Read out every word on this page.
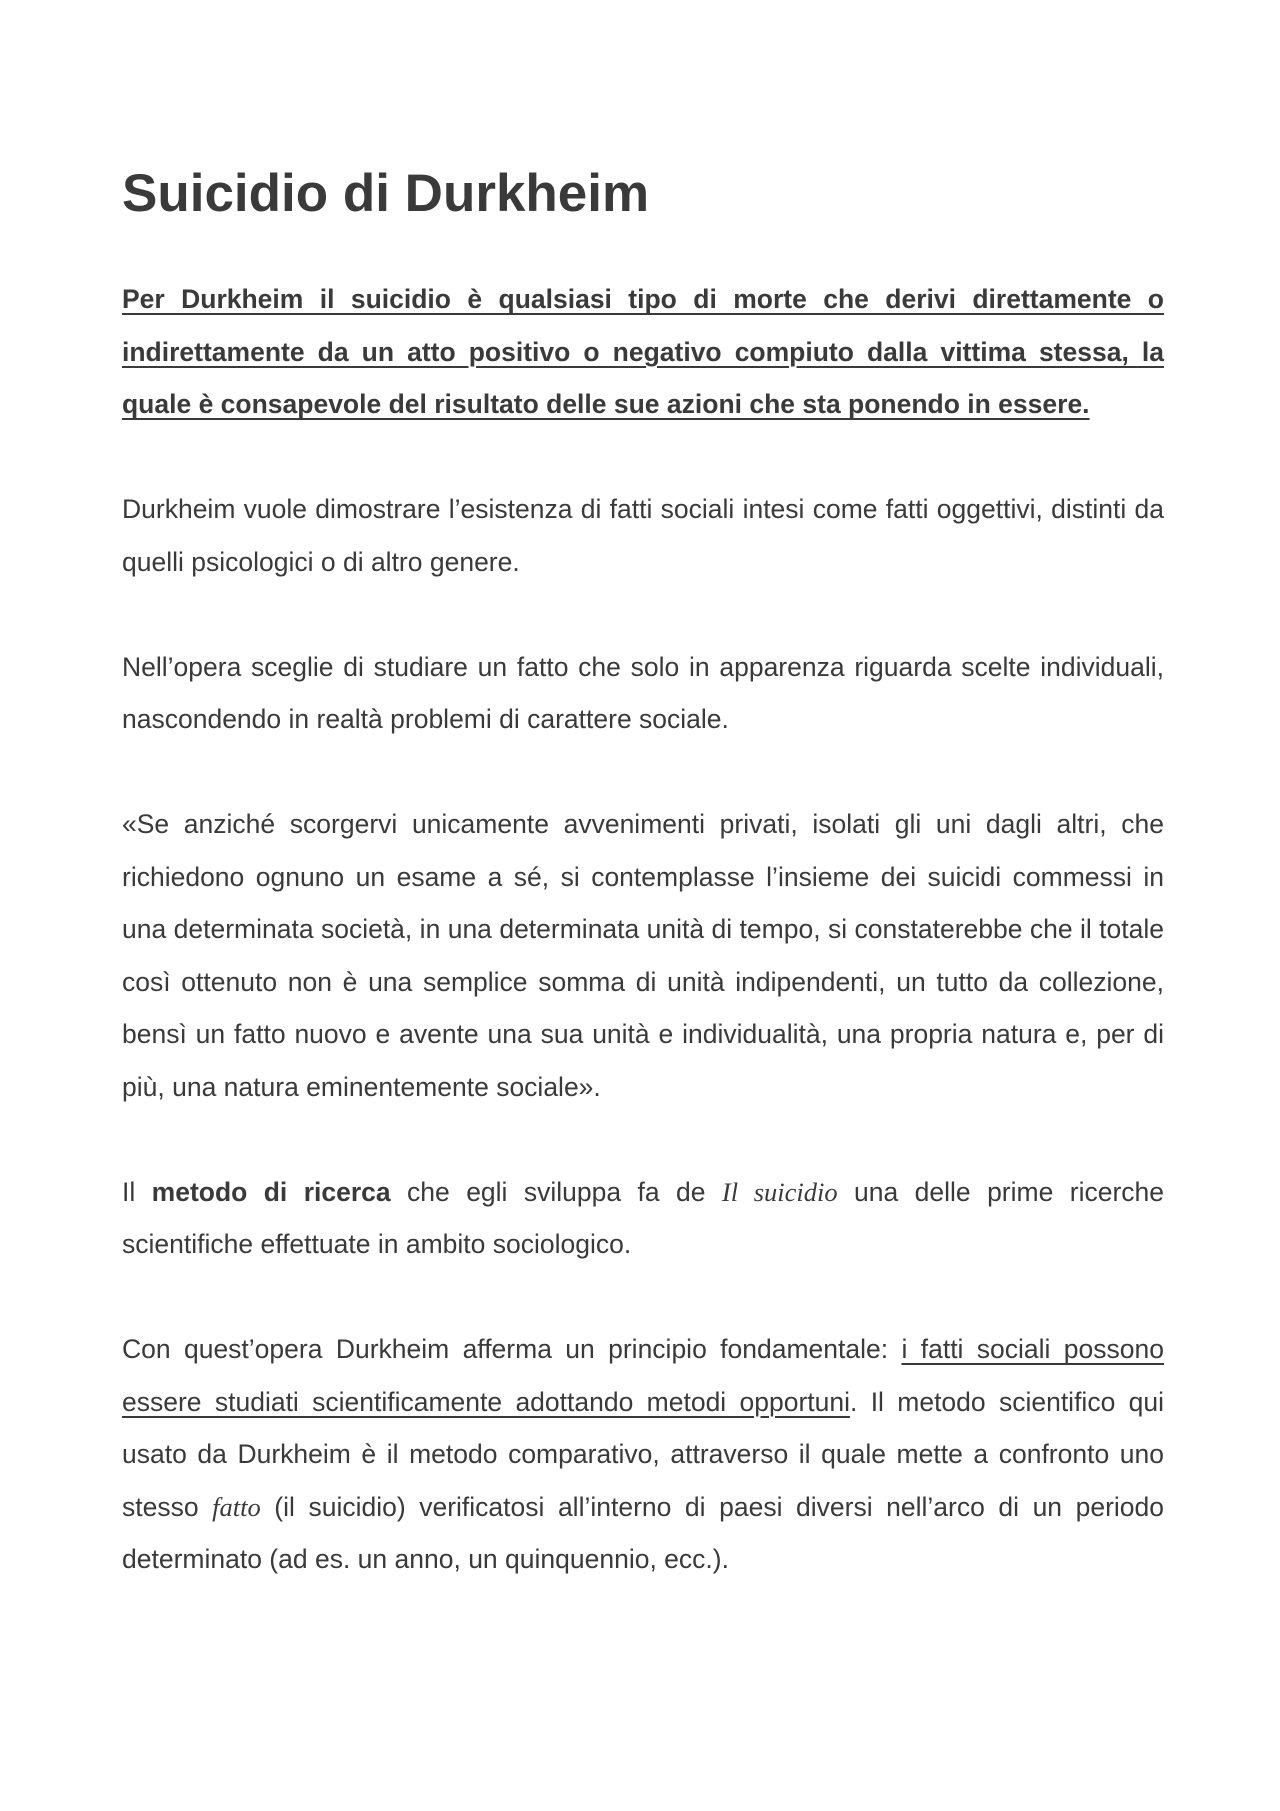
Suicidio di Durkheim

Per Durkheim il suicidio è qualsiasi tipo di morte che derivi direttamente o indirettamente da un atto positivo o negativo compiuto dalla vittima stessa, la quale è consapevole del risultato delle sue azioni che sta ponendo in essere.

Durkheim vuole dimostrare l’esistenza di fatti sociali intesi come fatti oggettivi, distinti da quelli psicologici o di altro genere.

Nell’opera sceglie di studiare un fatto che solo in apparenza riguarda scelte individuali, nascondendo in realtà problemi di carattere sociale.

«Se anziché scorgervi unicamente avvenimenti privati, isolati gli uni dagli altri, che richiedono ognuno un esame a sé, si contemplasse l’insieme dei suicidi commessi in una determinata società, in una determinata unità di tempo, si constaterebbe che il totale così ottenuto non è una semplice somma di unità indipendenti, un tutto da collezione, bensì un fatto nuovo e avente una sua unità e individualità, una propria natura e, per di più, una natura eminentemente sociale».

Il metodo di ricerca che egli sviluppa fa de Il suicidio una delle prime ricerche scientifiche effettuate in ambito sociologico.

Con quest’opera Durkheim afferma un principio fondamentale: i fatti sociali possono essere studiati scientificamente adottando metodi opportuni. Il metodo scientifico qui usato da Durkheim è il metodo comparativo, attraverso il quale mette a confronto uno stesso fatto (il suicidio) verificatosi all’interno di paesi diversi nell’arco di un periodo determinato (ad es. un anno, un quinquennio, ecc.).
